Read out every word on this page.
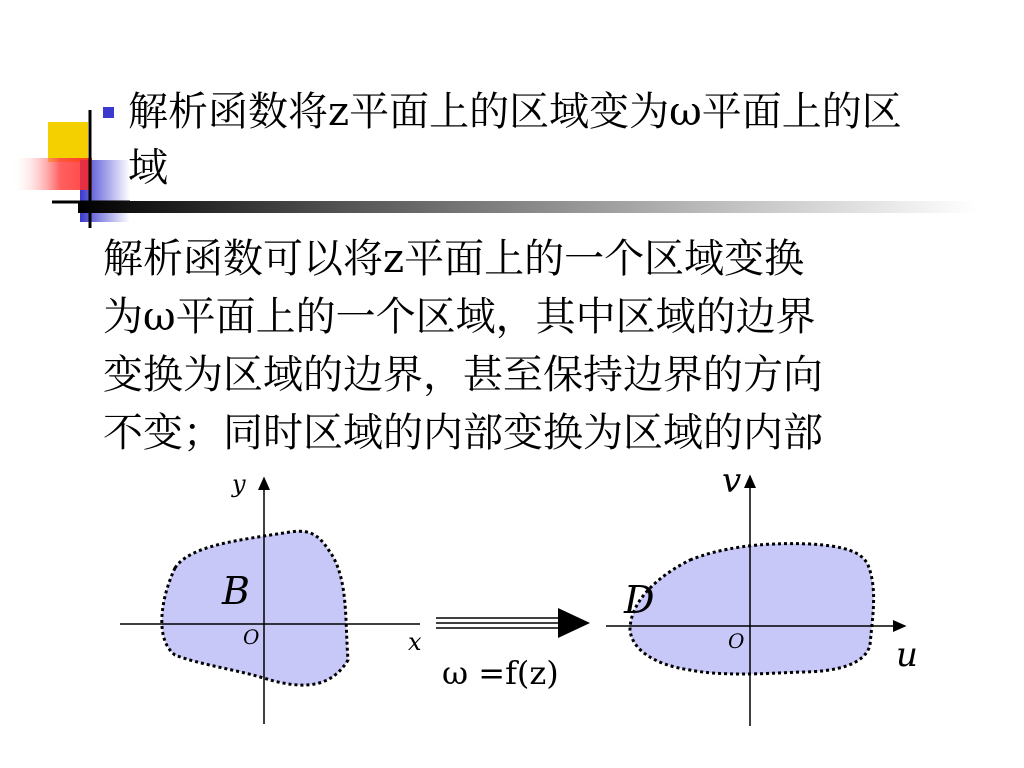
解析函数将z平面上的区域变为ω平面上的区域

解析函数可以将z平面上的一个区域变换

为ω平面上的一个区域，其中区域的边界

变换为区域的边界，甚至保持边界的方向

不变；同时区域的内部变换为区域的内部

y
x
O
B
ω =f(z)
v
u
O
D
